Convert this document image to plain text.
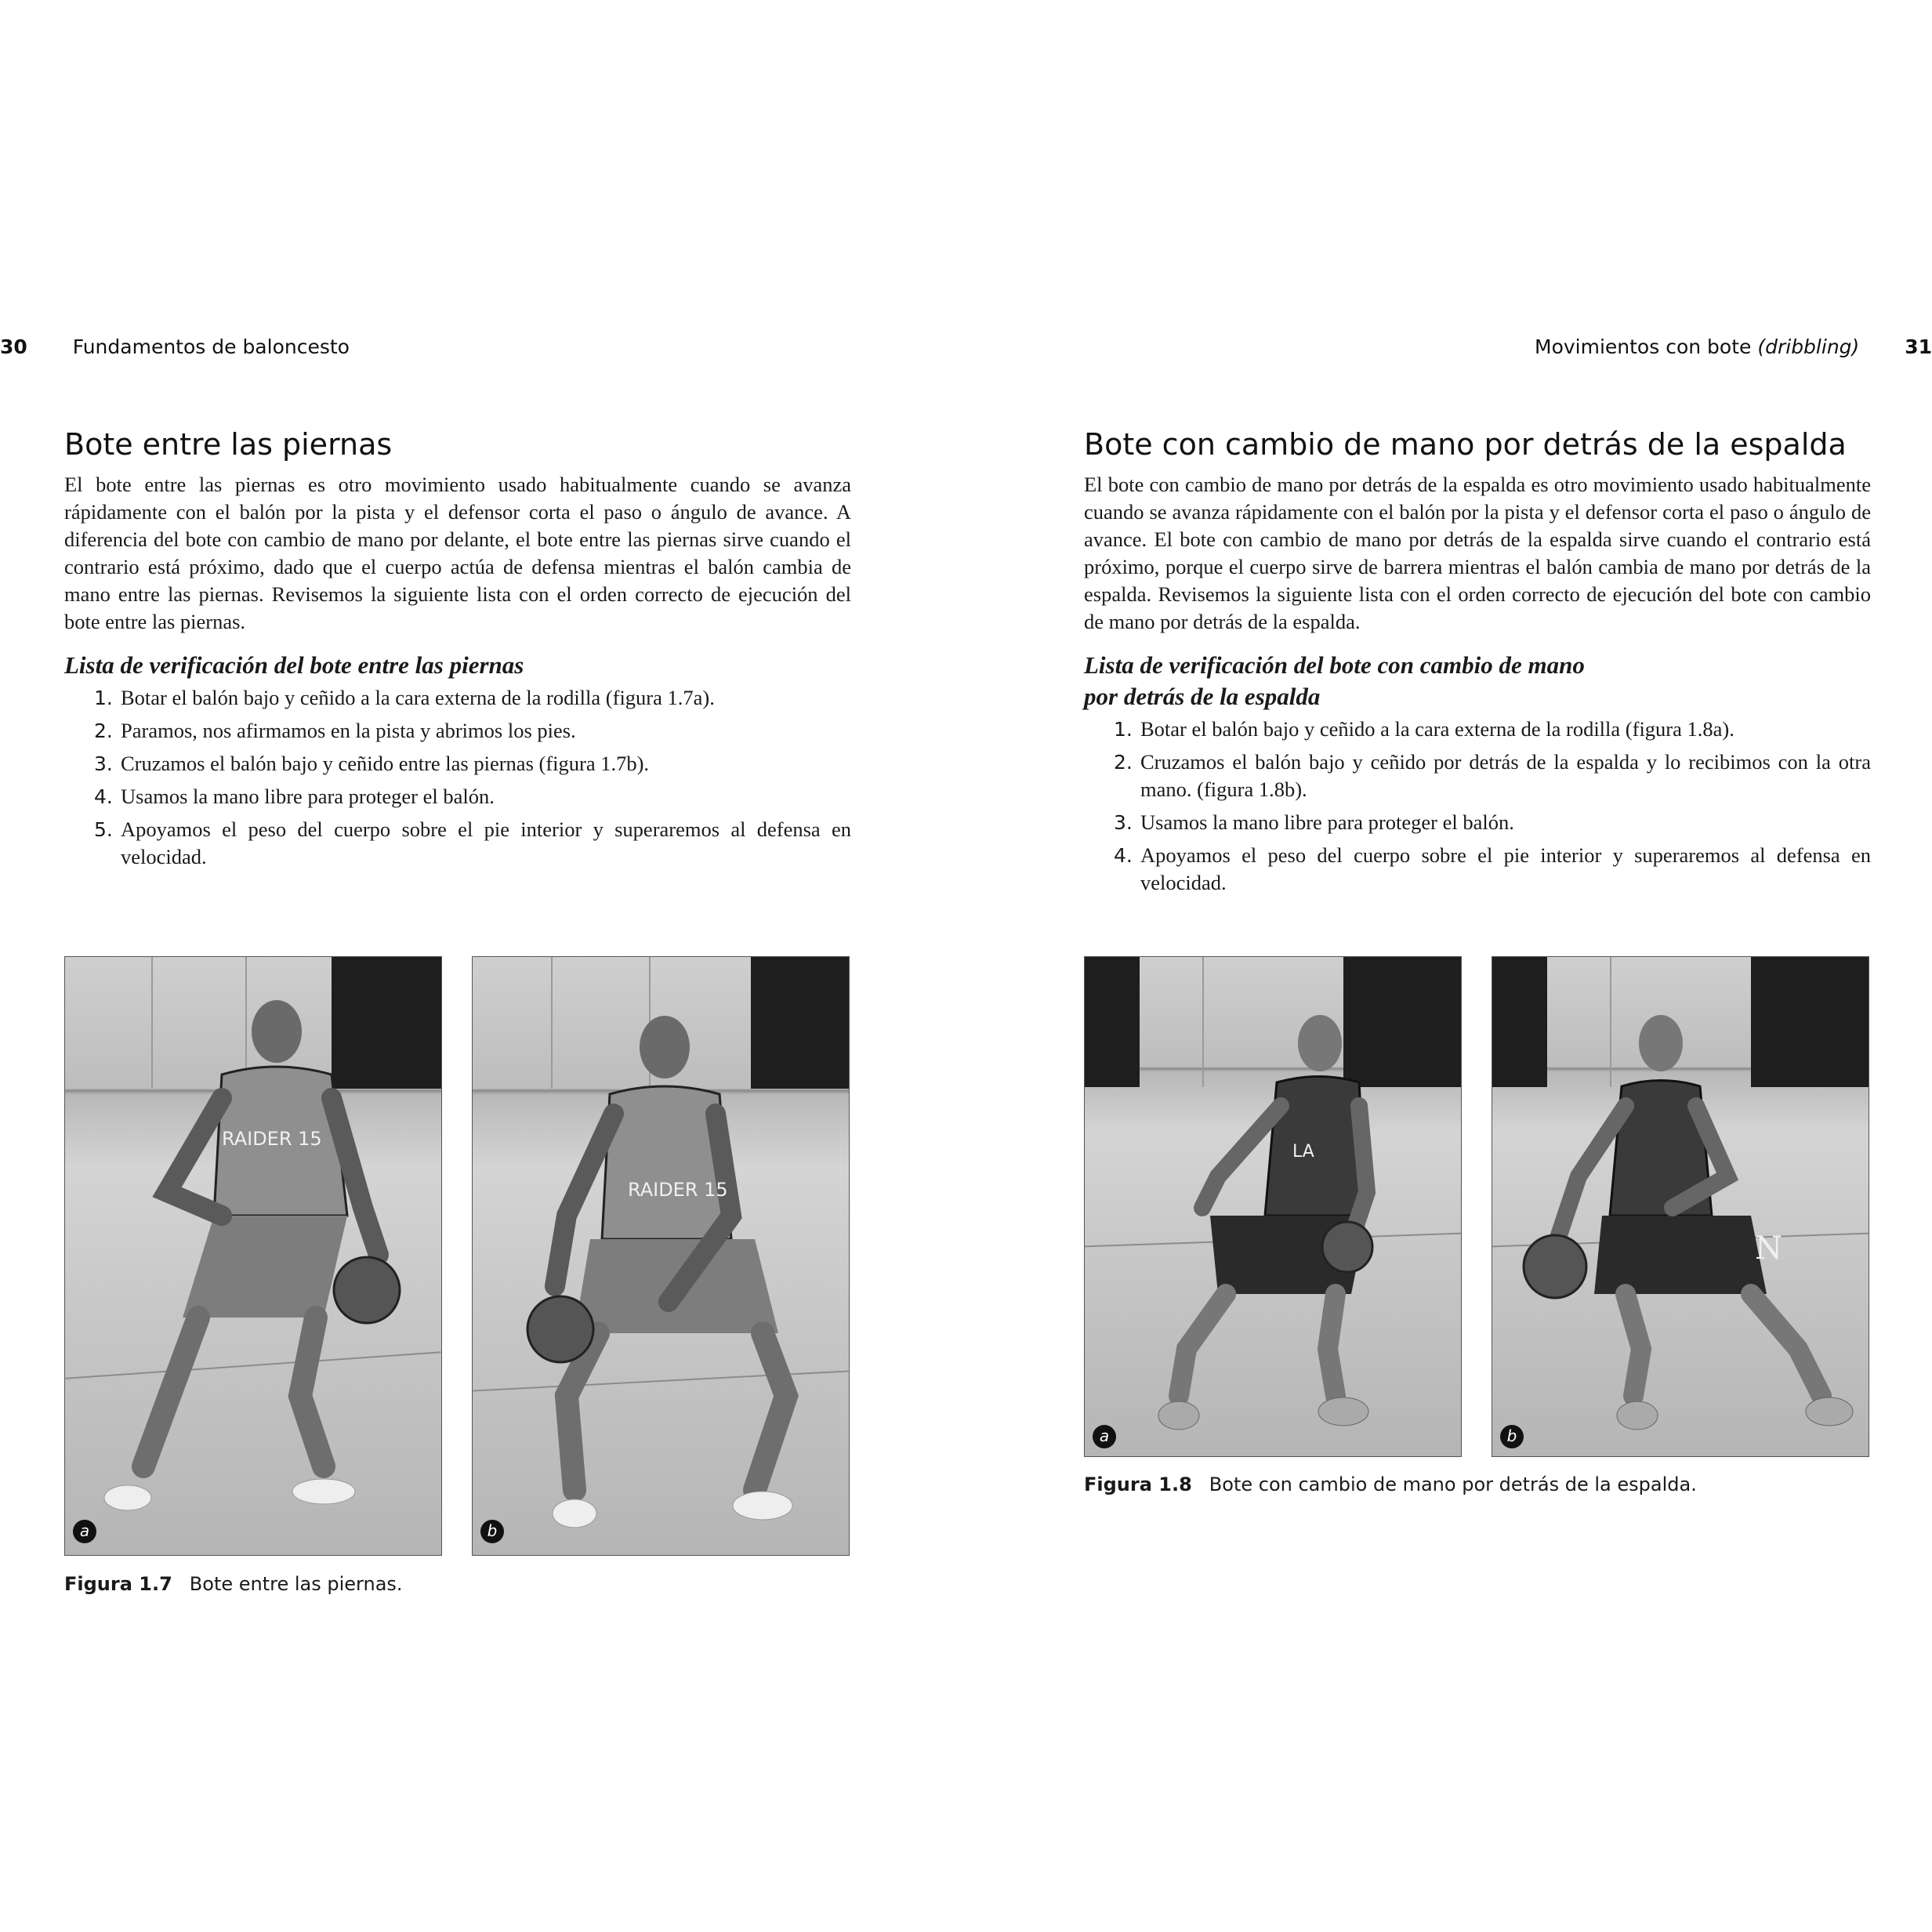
30 Fundamentos de baloncesto	Movimientos con bote (dribbling) 31
Bote entre las piernas

El bote entre las piernas es otro movimiento usado habitualmente cuando se avanza rápidamente con el balón por la pista y el defensor corta el paso o ángulo de avance. A diferencia del bote con cambio de mano por delante, el bote entre las piernas sirve cuando el contrario está próximo, dado que el cuerpo actúa de defensa mientras el balón cambia de mano entre las piernas. Revisemos la siguiente lista con el orden correcto de ejecución del bote entre las piernas.

Lista de verificación del bote entre las piernas
1. Botar el balón bajo y ceñido a la cara externa de la rodilla (figura 1.7a).
2. Paramos, nos afirmamos en la pista y abrimos los pies.
3. Cruzamos el balón bajo y ceñido entre las piernas (figura 1.7b).
4. Usamos la mano libre para proteger el balón.
5. Apoyamos el peso del cuerpo sobre el pie interior y superaremos al defensa en velocidad.
RAIDER 15
a
RAIDER 15
b
Figura 1.7 Bote entre las piernas.
Bote con cambio de mano por detrás de la espalda

El bote con cambio de mano por detrás de la espalda es otro movimiento usado habitualmente cuando se avanza rápidamente con el balón por la pista y el defensor corta el paso o ángulo de avance. El bote con cambio de mano por detrás de la espalda sirve cuando el contrario está próximo, porque el cuerpo sirve de barrera mientras el balón cambia de mano por detrás de la espalda. Revisemos la siguiente lista con el orden correcto de ejecución del bote con cambio de mano por detrás de la espalda.

Lista de verificación del bote con cambio de mano
por detrás de la espalda
1. Botar el balón bajo y ceñido a la cara externa de la rodilla (figura 1.8a).
2. Cruzamos el balón bajo y ceñido por detrás de la espalda y lo recibimos con la otra mano. (figura 1.8b).
3. Usamos la mano libre para proteger el balón.
4. Apoyamos el peso del cuerpo sobre el pie interior y superaremos al defensa en velocidad.
LA
a
N
b
Figura 1.8 Bote con cambio de mano por detrás de la espalda.
